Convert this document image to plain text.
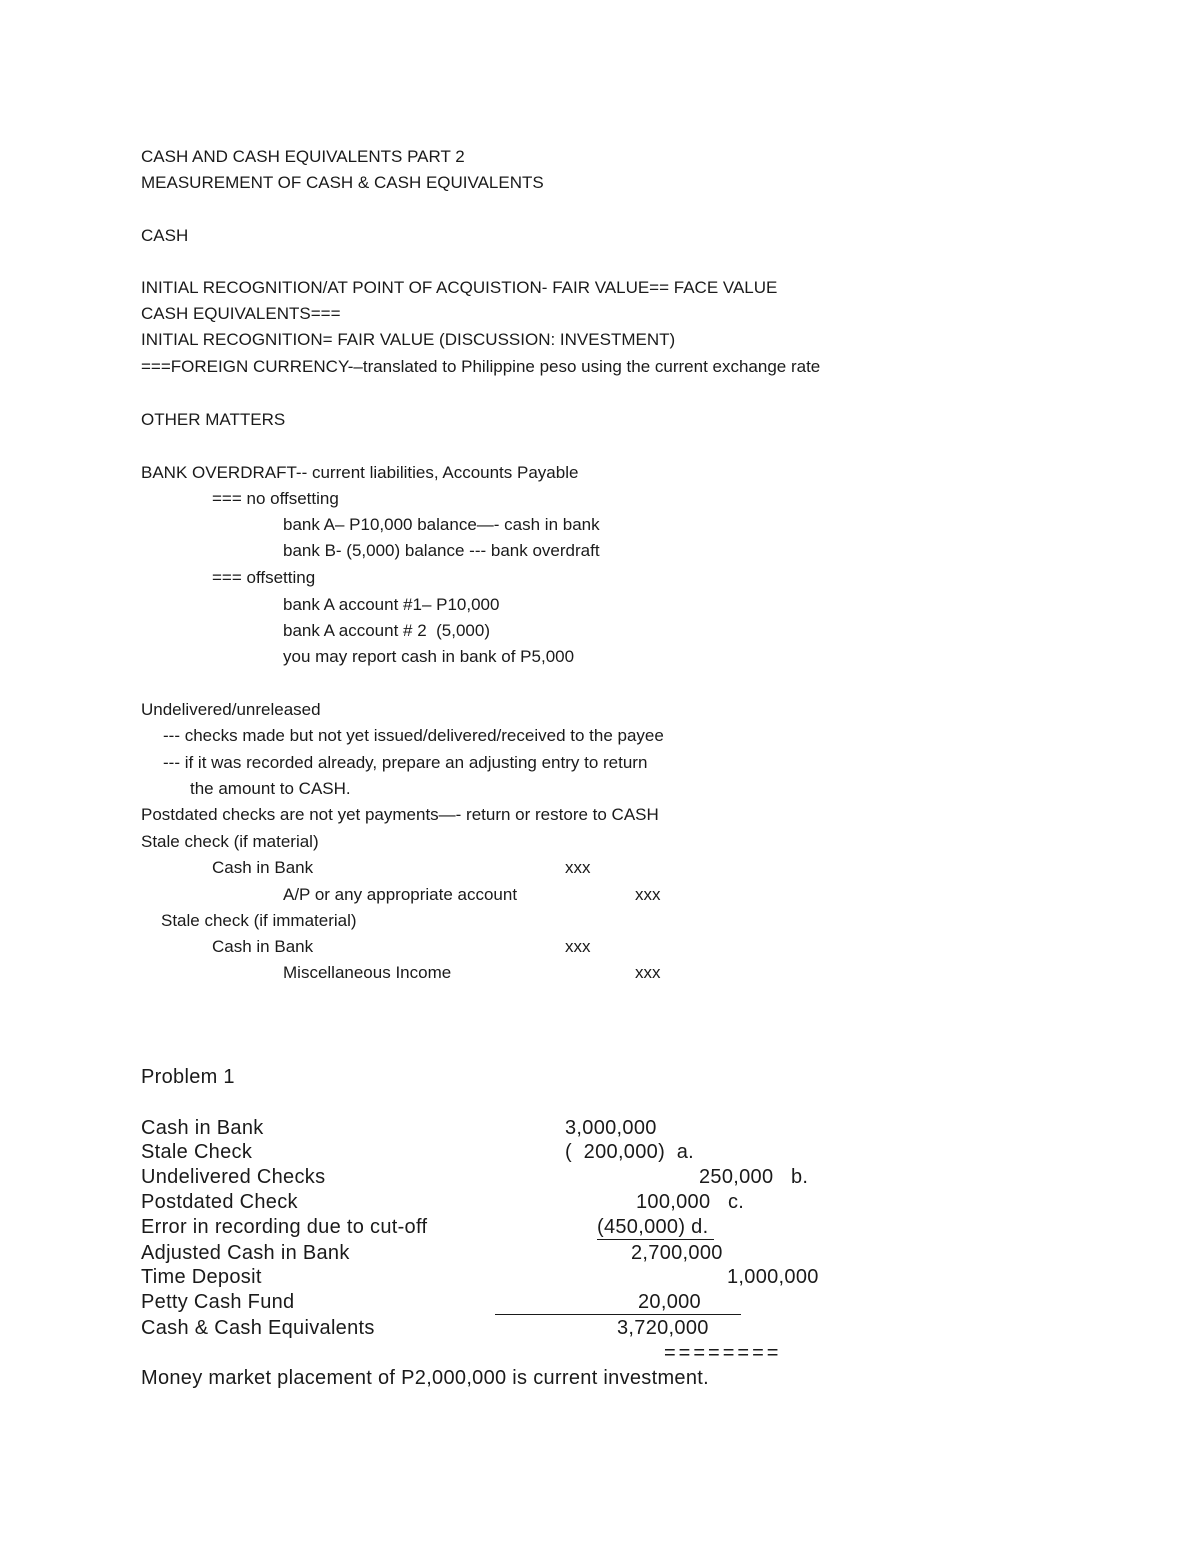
CASH AND CASH EQUIVALENTS PART 2
MEASUREMENT OF CASH & CASH EQUIVALENTS
CASH
INITIAL RECOGNITION/AT POINT OF ACQUISTION- FAIR VALUE== FACE VALUE
CASH EQUIVALENTS===
INITIAL RECOGNITION= FAIR VALUE (DISCUSSION: INVESTMENT)
===FOREIGN CURRENCY-–translated to Philippine peso using the current exchange rate
OTHER MATTERS
BANK OVERDRAFT-- current liabilities, Accounts Payable
=== no offsetting
bank A– P10,000 balance—- cash in bank
bank B- (5,000) balance --- bank overdraft
=== offsetting
bank A account #1– P10,000
bank A account # 2  (5,000)
you may report cash in bank of P5,000
Undelivered/unreleased
--- checks made but not yet issued/delivered/received to the payee
--- if it was recorded already, prepare an adjusting entry to return
the amount to CASH.
Postdated checks are not yet payments—- return or restore to CASH
Stale check (if material)
Cash in Bank	xxx
A/P or any appropriate account	xxx
Stale check (if immaterial)
Cash in Bank	xxx
Miscellaneous Income	xxx
Problem 1
Cash in Bank	3,000,000
Stale Check	(  200,000)  a.
Undelivered Checks	250,000   b.
Postdated Check	100,000   c.
Error in recording due to cut-off	(450,000) d.
Adjusted Cash in Bank	2,700,000
Time Deposit	1,000,000
Petty Cash Fund	20,000
Cash & Cash Equivalents	3,720,000
========
Money market placement of P2,000,000 is current investment.
